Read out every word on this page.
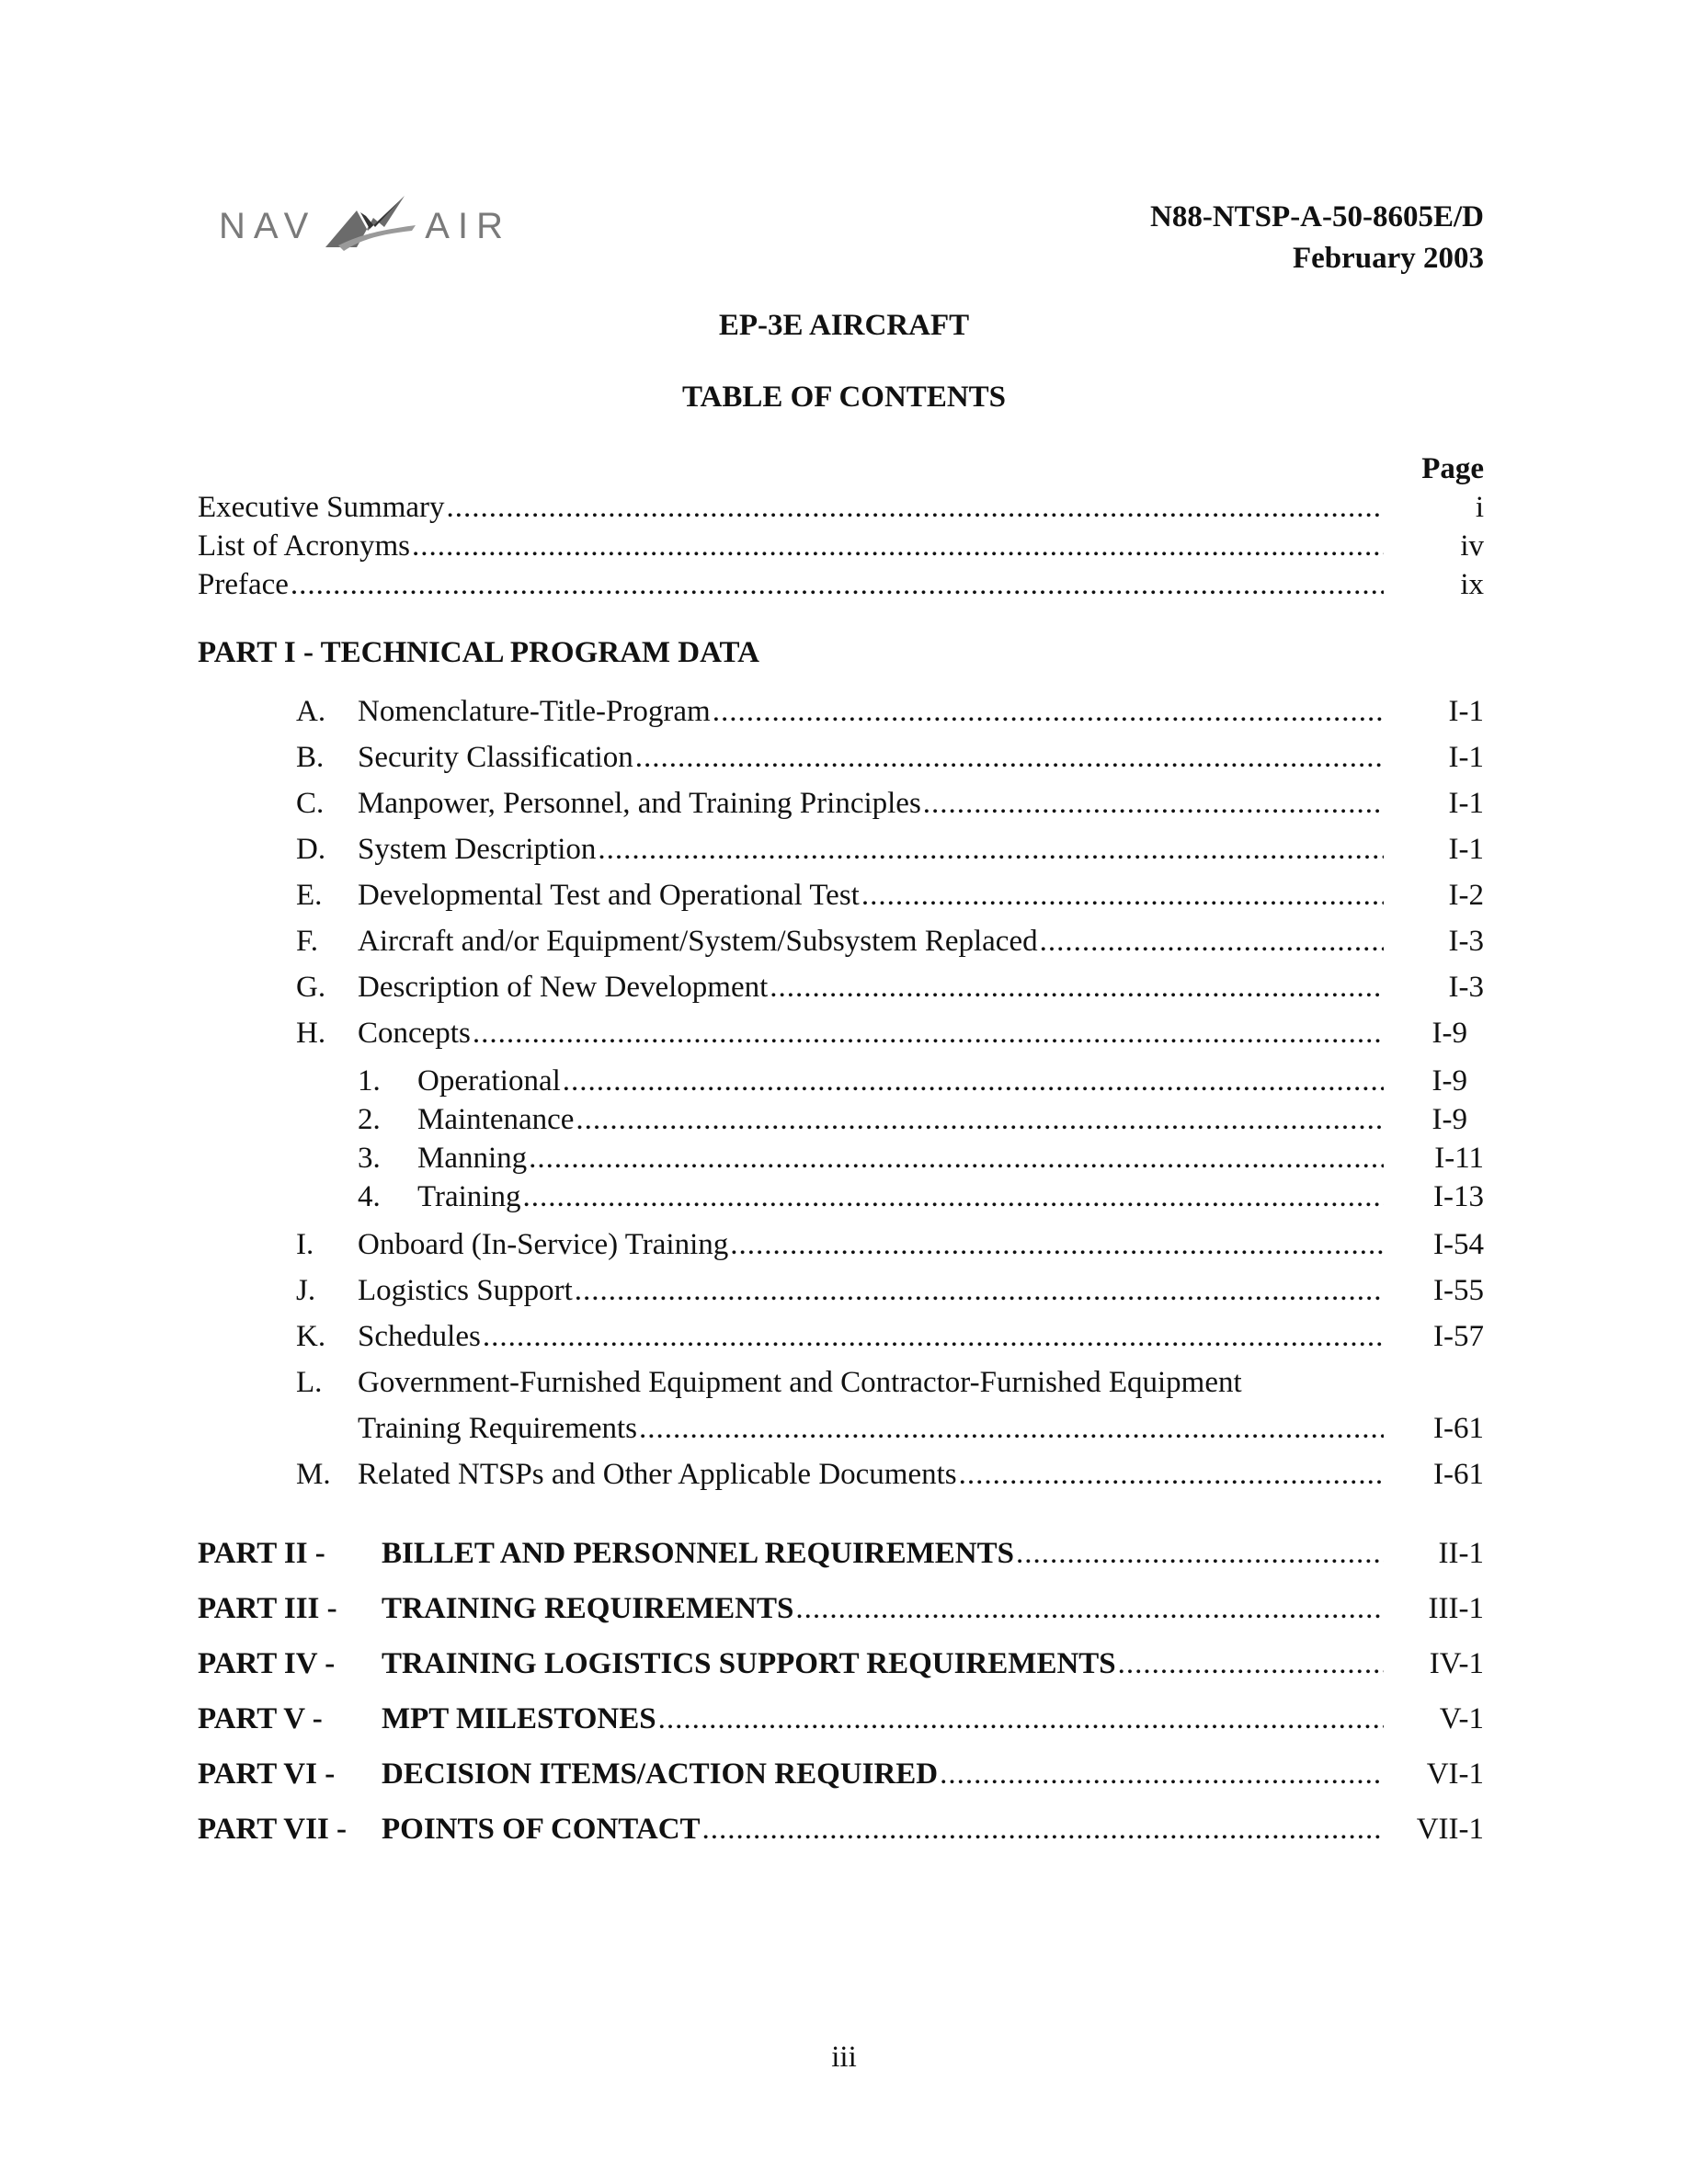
NAV	AIR	N88-NTSP-A-50-8605E/D
February 2003
EP-3E AIRCRAFT
TABLE OF CONTENTS
Page
Executive Summary .....	i
List of Acronyms .....	iv
Preface .....	ix
PART I - TECHNICAL PROGRAM DATA
A.	Nomenclature-Title-Program .....	I-1
B.	Security Classification .....	I-1
C.	Manpower, Personnel, and Training Principles .....	I-1
D.	System Description .....	I-1
E.	Developmental Test and Operational Test .....	I-2
F.	Aircraft and/or Equipment/System/Subsystem Replaced .....	I-3
G.	Description of New Development .....	I-3
H.	Concepts .....	I-9
1.	Operational .....	I-9
2.	Maintenance .....	I-9
3.	Manning .....	I-11
4.	Training .....	I-13
I.	Onboard (In-Service) Training .....	I-54
J.	Logistics Support .....	I-55
K.	Schedules .....	I-57
L.	Government-Furnished Equipment and Contractor-Furnished Equipment
Training Requirements .....	I-61
M. Related NTSPs and Other Applicable Documents .....	I-61
PART II -	BILLET AND PERSONNEL REQUIREMENTS .....	II-1
PART III -	TRAINING REQUIREMENTS .....	III-1
PART IV -	TRAINING LOGISTICS SUPPORT REQUIREMENTS .....	IV-1
PART V -	MPT MILESTONES .....	V-1
PART VI -	DECISION ITEMS/ACTION REQUIRED .....	VI-1
PART VII -	POINTS OF CONTACT .....	VII-1
iii
